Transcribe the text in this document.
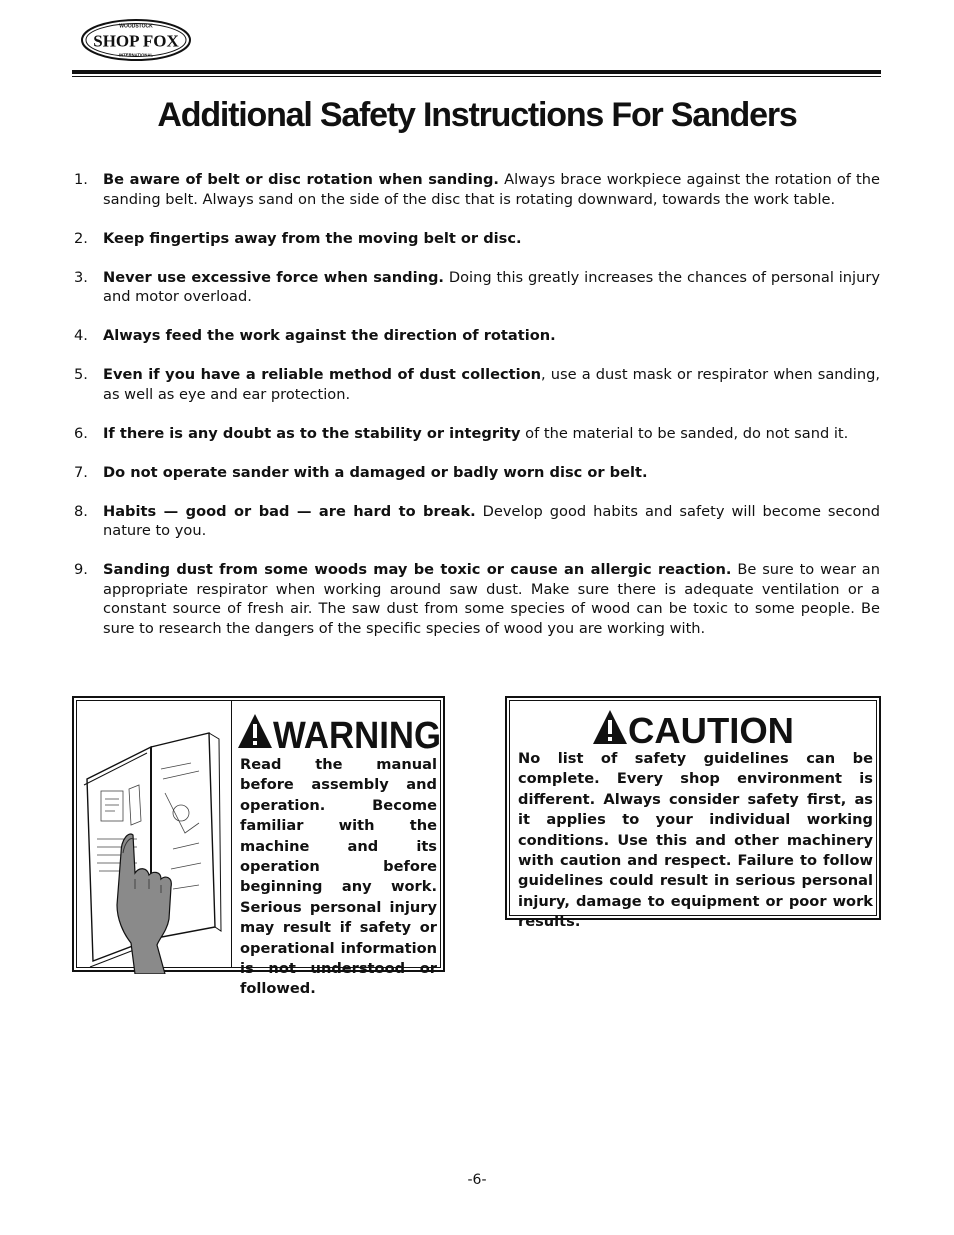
WOODSTOCK
SHOP FOX
INTERNATIONAL
Additional Safety Instructions For Sanders
1. Be aware of belt or disc rotation when sanding. Always brace workpiece against the rotation of the sanding belt. Always sand on the side of the disc that is rotating downward, towards the work table.
2. Keep fingertips away from the moving belt or disc.
3. Never use excessive force when sanding. Doing this greatly increases the chances of personal injury and motor overload.
4. Always feed the work against the direction of rotation.
5. Even if you have a reliable method of dust collection, use a dust mask or respirator when sanding, as well as eye and ear protection.
6. If there is any doubt as to the stability or integrity of the material to be sanded, do not sand it.
7. Do not operate sander with a damaged or badly worn disc or belt.
8. Habits — good or bad — are hard to break. Develop good habits and safety will become second nature to you.
9. Sanding dust from some woods may be toxic or cause an allergic reaction. Be sure to wear an appropriate respirator when working around saw dust. Make sure there is adequate ventilation or a constant source of fresh air. The saw dust from some species of wood can be toxic to some people. Be sure to research the dangers of the specific species of wood you are working with.
WARNING
Read the manual before assembly and operation. Become familiar with the machine and its operation before beginning any work. Serious personal injury may result if safety or operational information is not understood or followed.
CAUTION
No list of safety guidelines can be complete. Every shop environment is different. Always consider safety first, as it applies to your individual working conditions. Use this and other machinery with caution and respect. Failure to follow guidelines could result in serious personal injury, damage to equipment or poor work results.
-6-
